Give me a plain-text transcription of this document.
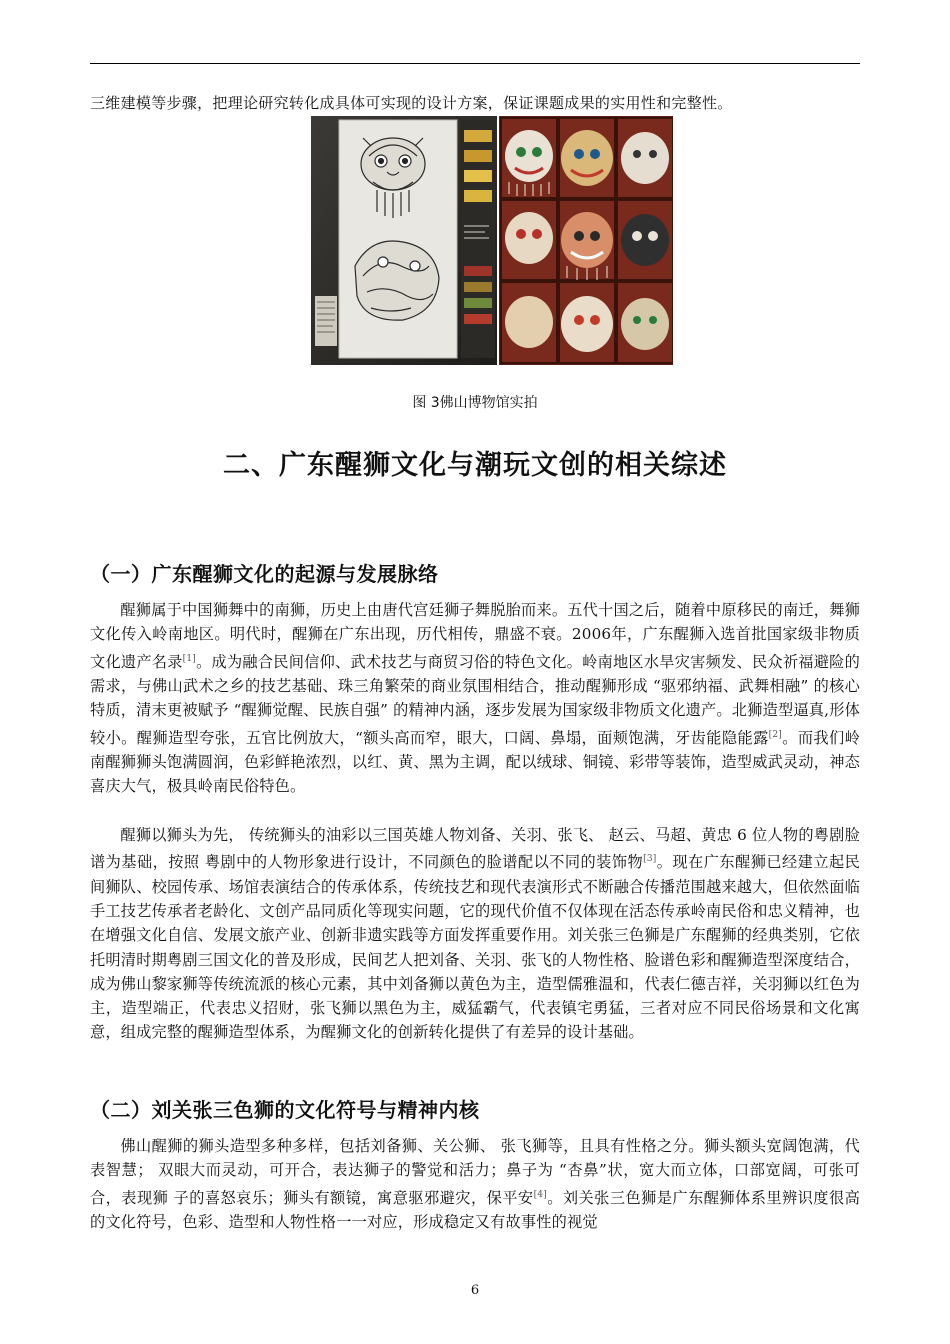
三维建模等步骤，把理论研究转化成具体可实现的设计方案，保证课题成果的实用性和完整性。
图 3佛山博物馆实拍
二、广东醒狮文化与潮玩文创的相关综述
（一）广东醒狮文化的起源与发展脉络

醒狮属于中国狮舞中的南狮，历史上由唐代宫廷狮子舞脱胎而来。五代十国之后，随着中原移民的南迁，舞狮文化传入岭南地区。明代时，醒狮在广东出现，历代相传，鼎盛不衰。2006年，广东醒狮入选首批国家级非物质文化遗产名录[1]。成为融合民间信仰、武术技艺与商贸习俗的特色文化。岭南地区水旱灾害频发、民众祈福避险的需求，与佛山武术之乡的技艺基础、珠三角繁荣的商业氛围相结合，推动醒狮形成 “驱邪纳福、武舞相融” 的核心特质，清末更被赋予 “醒狮觉醒、民族自强” 的精神内涵，逐步发展为国家级非物质文化遗产。北狮造型逼真,形体较小。醒狮造型夸张，五官比例放大，“额头高而窄，眼大，口阔、鼻塌，面颊饱满，牙齿能隐能露[2]。而我们岭南醒狮狮头饱满圆润，色彩鲜艳浓烈，以红、黄、黑为主调，配以绒球、铜镜、彩带等装饰，造型威武灵动，神态喜庆大气，极具岭南民俗特色。

醒狮以狮头为先， 传统狮头的油彩以三国英雄人物刘备、关羽、张飞、 赵云、马超、黄忠 6 位人物的粤剧脸谱为基础，按照 粤剧中的人物形象进行设计，不同颜色的脸谱配以不同的装饰物[3]。现在广东醒狮已经建立起民间狮队、校园传承、场馆表演结合的传承体系，传统技艺和现代表演形式不断融合传播范围越来越大，但依然面临手工技艺传承者老龄化、文创产品同质化等现实问题，它的现代价值不仅体现在活态传承岭南民俗和忠义精神，也在增强文化自信、发展文旅产业、创新非遗实践等方面发挥重要作用。刘关张三色狮是广东醒狮的经典类别，它依托明清时期粤剧三国文化的普及形成，民间艺人把刘备、关羽、张飞的人物性格、脸谱色彩和醒狮造型深度结合，成为佛山黎家狮等传统流派的核心元素，其中刘备狮以黄色为主，造型儒雅温和，代表仁德吉祥，关羽狮以红色为主，造型端正，代表忠义招财，张飞狮以黑色为主，威猛霸气，代表镇宅勇猛，三者对应不同民俗场景和文化寓意，组成完整的醒狮造型体系，为醒狮文化的创新转化提供了有差异的设计基础。

（二）刘关张三色狮的文化符号与精神内核

佛山醒狮的狮头造型多种多样，包括刘备狮、关公狮、 张飞狮等，且具有性格之分。狮头额头宽阔饱满，代表智慧； 双眼大而灵动，可开合，表达狮子的警觉和活力；鼻子为 “杏鼻”状，宽大而立体，口部宽阔，可张可合，表现狮 子的喜怒哀乐；狮头有额镜，寓意驱邪避灾，保平安[4]。刘关张三色狮是广东醒狮体系里辨识度很高的文化符号，色彩、造型和人物性格一一对应，形成稳定又有故事性的视觉

6
